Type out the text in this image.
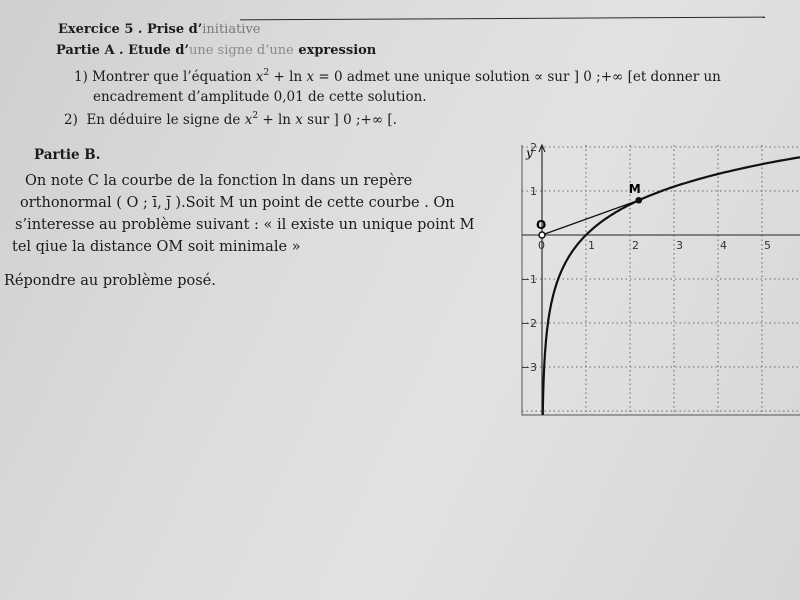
Exercice 5 . Prise d’initiative
Partie A . Etude d’une signe d’une expression
1) Montrer que l’équation $x^2 + \ln x = 0$ admet une unique solution ∝ sur ] 0 ;+∞ [et donner un
encadrement d’amplitude 0,01 de cette solution.
2) En déduire le signe de $x^2 + \ln x$ sur ] 0 ;+∞ [.
Partie B.
On note C la courbe de la fonction ln dans un repère
orthonormal ( O ; ī, j̄ ).Soit M un point de cette courbe . On
s’interesse au problème suivant : « il existe un unique point M
tel qiue la distance OM soit minimale »
Répondre au problème posé.
0	1	2	3	4	5
2
1
−1
−2
−3
y
O
M
